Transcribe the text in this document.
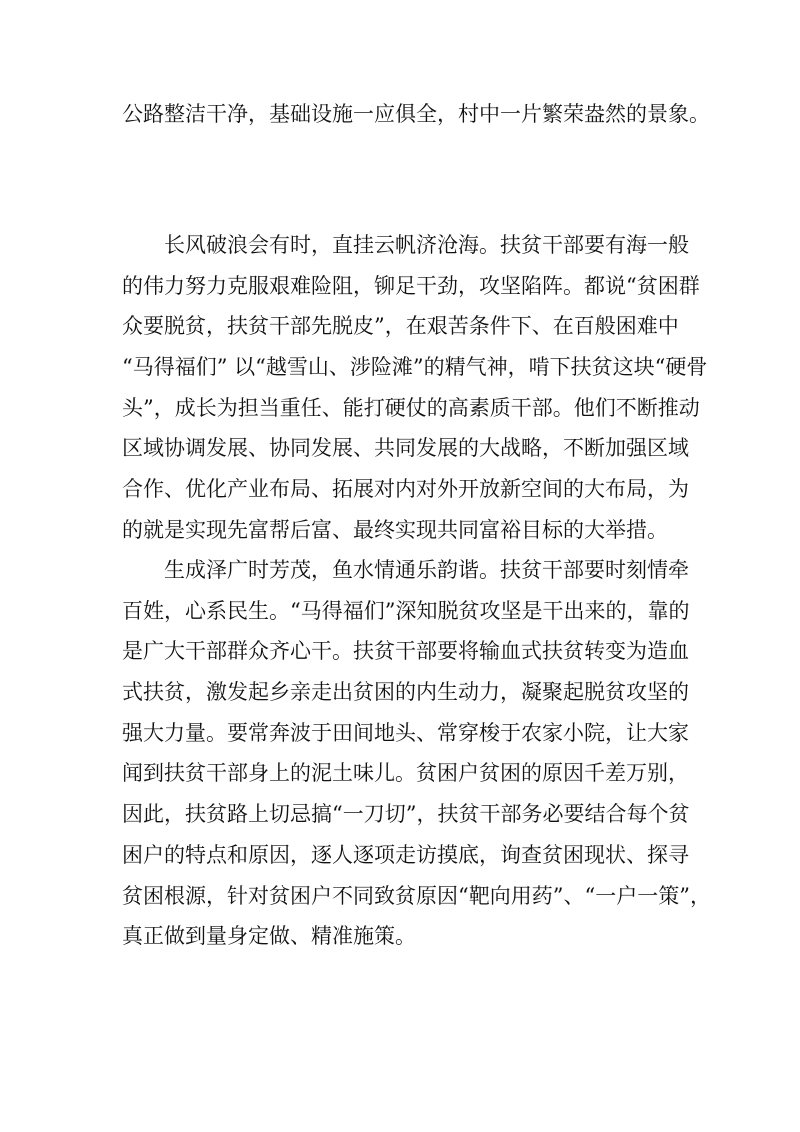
公路整洁干净，基础设施一应俱全，村中一片繁荣盎然的景象。
长风破浪会有时，直挂云帆济沧海。扶贫干部要有海一般
的伟力努力克服艰难险阻，铆足干劲，攻坚陷阵。都说“贫困群
众要脱贫，扶贫干部先脱皮”，在艰苦条件下、在百般困难中
“马得福们” 以“越雪山、涉险滩”的精气神，啃下扶贫这块“硬骨
头”，成长为担当重任、能打硬仗的高素质干部。他们不断推动
区域协调发展、协同发展、共同发展的大战略，不断加强区域
合作、优化产业布局、拓展对内对外开放新空间的大布局，为
的就是实现先富帮后富、最终实现共同富裕目标的大举措。
生成泽广时芳茂，鱼水情通乐韵谐。扶贫干部要时刻情牵
百姓，心系民生。“马得福们”深知脱贫攻坚是干出来的，靠的
是广大干部群众齐心干。扶贫干部要将输血式扶贫转变为造血
式扶贫，激发起乡亲走出贫困的内生动力，凝聚起脱贫攻坚的
强大力量。要常奔波于田间地头、常穿梭于农家小院，让大家
闻到扶贫干部身上的泥土味儿。贫困户贫困的原因千差万别，
因此，扶贫路上切忌搞“一刀切”，扶贫干部务必要结合每个贫
困户的特点和原因，逐人逐项走访摸底，询查贫困现状、探寻
贫困根源，针对贫困户不同致贫原因“靶向用药”、“一户一策”，
真正做到量身定做、精准施策。
